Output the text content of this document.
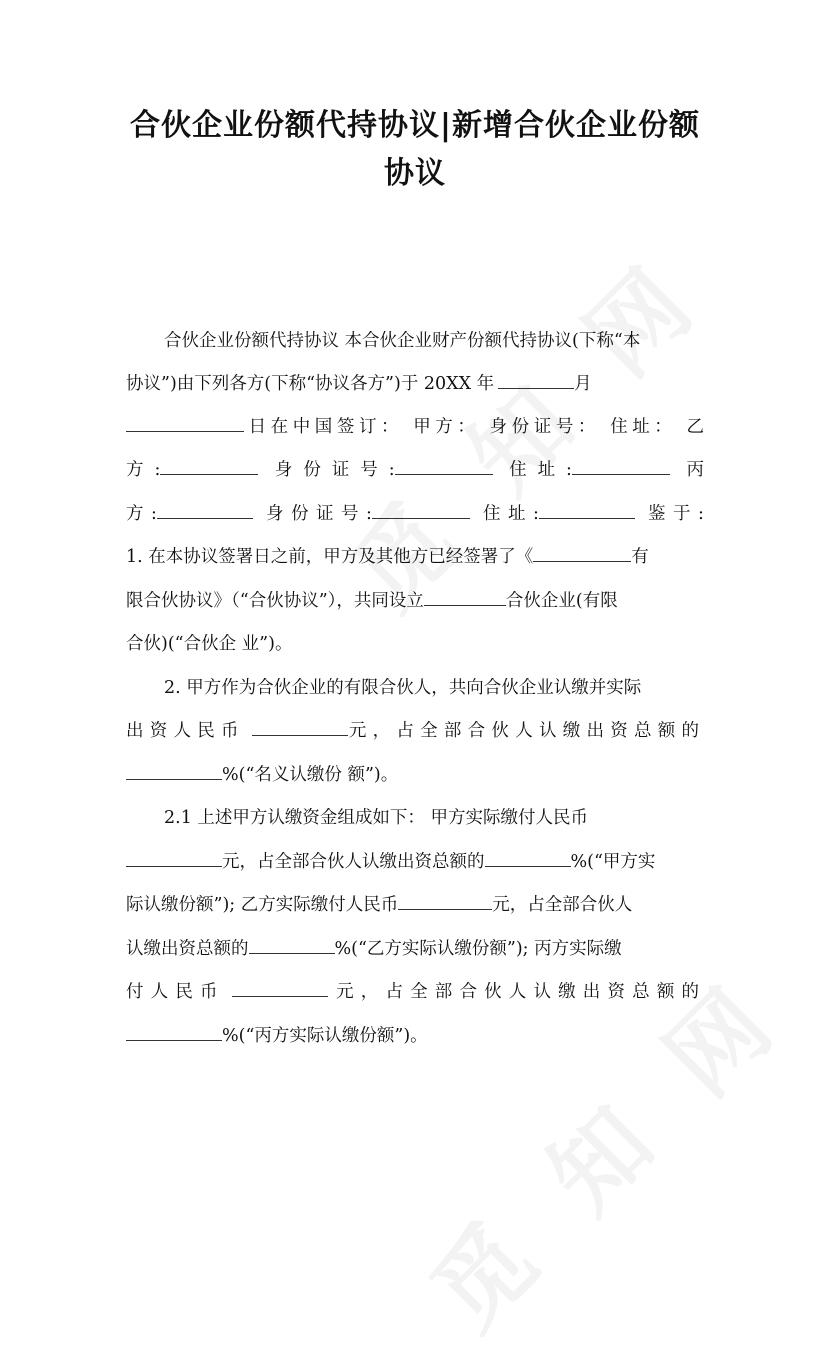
合伙企业份额代持协议|新增合伙企业份额
协议
合伙企业份额代持协议 本合伙企业财产份额代持协议(下称“本
协议”)由下列各方(下称“协议各方”)于 20XX 年	月
日在中国签订： 甲方： 身份证号： 住址： 乙
方:	身份证号:	住址:	丙
方:	身份证号:	住址:	鉴于:
1. 在本协议签署日之前，甲方及其他方已经签署了《	有
限合伙协议》（“合伙协议”），共同设立	合伙企业(有限
合伙)(“合伙企 业”)。
2. 甲方作为合伙企业的有限合伙人，共向合伙企业认缴并实际
出资人民币	元，占全部合伙人认缴出资总额的
%(“名义认缴份 额”)。
2.1 上述甲方认缴资金组成如下： 甲方实际缴付人民币
元，占全部合伙人认缴出资总额的	%(“甲方实
际认缴份额”); 乙方实际缴付人民币	元，占全部合伙人
认缴出资总额的	%(“乙方实际认缴份额”); 丙方实际缴
付人民币	元，占全部合伙人认缴出资总额的
%(“丙方实际认缴份额”)。
